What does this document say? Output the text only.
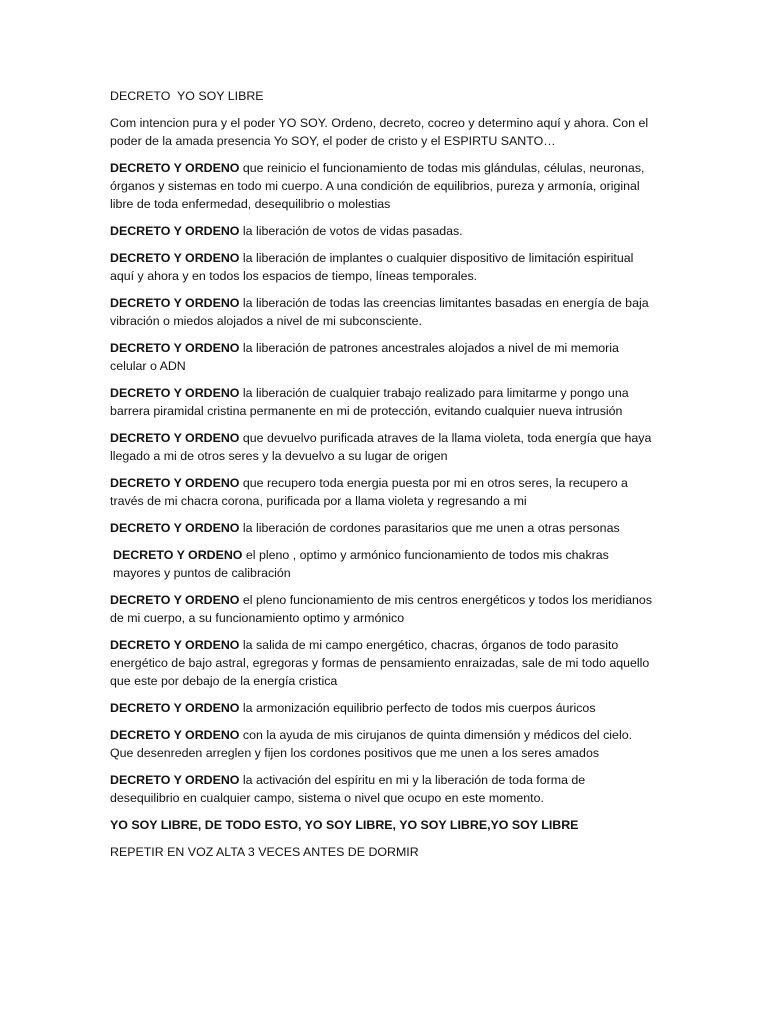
DECRETO  YO SOY LIBRE

Com intencion pura y el poder YO SOY. Ordeno, decreto, cocreo y determino aquí y ahora. Con el poder de la amada presencia Yo SOY, el poder de cristo y el ESPIRTU SANTO…

DECRETO Y ORDENO que reinicio el funcionamiento de todas mis glándulas, células, neuronas, órganos y sistemas en todo mi cuerpo. A una condición de equilibrios, pureza y armonía, original libre de toda enfermedad, desequilibrio o molestias

DECRETO Y ORDENO la liberación de votos de vidas pasadas.

DECRETO Y ORDENO la liberación de implantes o cualquier dispositivo de limitación espiritual aquí y ahora y en todos los espacios de tiempo, líneas temporales.

DECRETO Y ORDENO la liberación de todas las creencias limitantes basadas en energía de baja vibración o miedos alojados a nivel de mi subconsciente.

DECRETO Y ORDENO la liberación de patrones ancestrales alojados a nivel de mi memoria celular o ADN

DECRETO Y ORDENO la liberación de cualquier trabajo realizado para limitarme y pongo una barrera piramidal cristina permanente en mi de protección, evitando cualquier nueva intrusión

DECRETO Y ORDENO que devuelvo purificada atraves de la llama violeta, toda energía que haya llegado a mi de otros seres y la devuelvo a su lugar de origen

DECRETO Y ORDENO que recupero toda energia puesta por mi en otros seres, la recupero a través de mi chacra corona, purificada por a llama violeta y regresando a mi

DECRETO Y ORDENO la liberación de cordones parasitarios que me unen a otras personas

DECRETO Y ORDENO el pleno , optimo y armónico funcionamiento de todos mis chakras mayores y puntos de calibración

DECRETO Y ORDENO el pleno funcionamiento de mis centros energéticos y todos los meridianos de mi cuerpo, a su funcionamiento optimo y armónico

DECRETO Y ORDENO la salida de mi campo energético, chacras, órganos de todo parasito energético de bajo astral, egregoras y formas de pensamiento enraizadas, sale de mi todo aquello que este por debajo de la energía cristica

DECRETO Y ORDENO la armonización equilibrio perfecto de todos mis cuerpos áuricos

DECRETO Y ORDENO con la ayuda de mis cirujanos de quinta dimensión y médicos del cielo. Que desenreden arreglen y fijen los cordones positivos que me unen a los seres amados

DECRETO Y ORDENO la activación del espíritu en mi y la liberación de toda forma de desequilibrio en cualquier campo, sistema o nivel que ocupo en este momento.

YO SOY LIBRE, DE TODO ESTO, YO SOY LIBRE, YO SOY LIBRE,YO SOY LIBRE

REPETIR EN VOZ ALTA 3 VECES ANTES DE DORMIR
